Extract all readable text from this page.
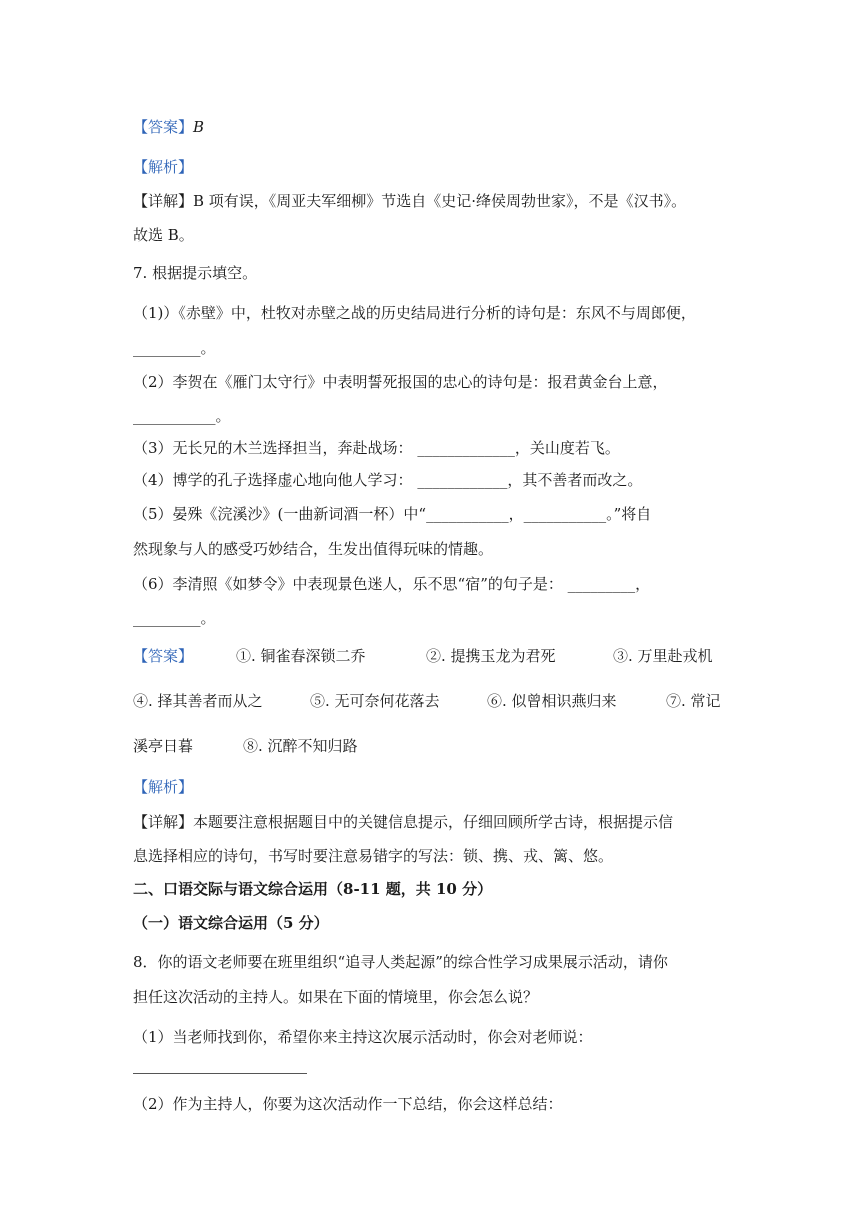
【答案】B
【解析】
【详解】B 项有误，《周亚夫军细柳》节选自《史记·绛侯周勃世家》，不是《汉书》。
故选 B。
7. 根据提示填空。
（1)）《赤壁》中，杜牧对赤壁之战的历史结局进行分析的诗句是：东风不与周郎便，
_________。
（2）李贺在《雁门太守行》中表明誓死报国的忠心的诗句是：报君黄金台上意，
___________。
（3）无长兄的木兰选择担当，奔赴战场： _____________，关山度若飞。
（4）博学的孔子选择虚心地向他人学习： ____________，其不善者而改之。
（5）晏殊《浣溪沙》(一曲新词酒一杯）中“___________，___________。”将自
然现象与人的感受巧妙结合，生发出值得玩味的情趣。
（6）李清照《如梦令》中表现景色迷人，乐不思“宿”的句子是： _________，
_________。
【答案】	①. 铜雀春深锁二乔	②. 提携玉龙为君死	③. 万里赴戎机
④. 择其善者而从之	⑤. 无可奈何花落去	⑥. 似曾相识燕归来	⑦. 常记
溪亭日暮	⑧. 沉醉不知归路
【解析】
【详解】本题要注意根据题目中的关键信息提示，仔细回顾所学古诗，根据提示信
息选择相应的诗句，书写时要注意易错字的写法：锁、携、戎、篱、悠。
二、口语交际与语文综合运用（8-11 题，共 10 分）
（一）语文综合运用（5 分）
8．你的语文老师要在班里组织“追寻人类起源”的综合性学习成果展示活动，请你
担任这次活动的主持人。如果在下面的情境里，你会怎么说？
（1）当老师找到你，希望你来主持这次展示活动时，你会对老师说：
（2）作为主持人，你要为这次活动作一下总结，你会这样总结：
